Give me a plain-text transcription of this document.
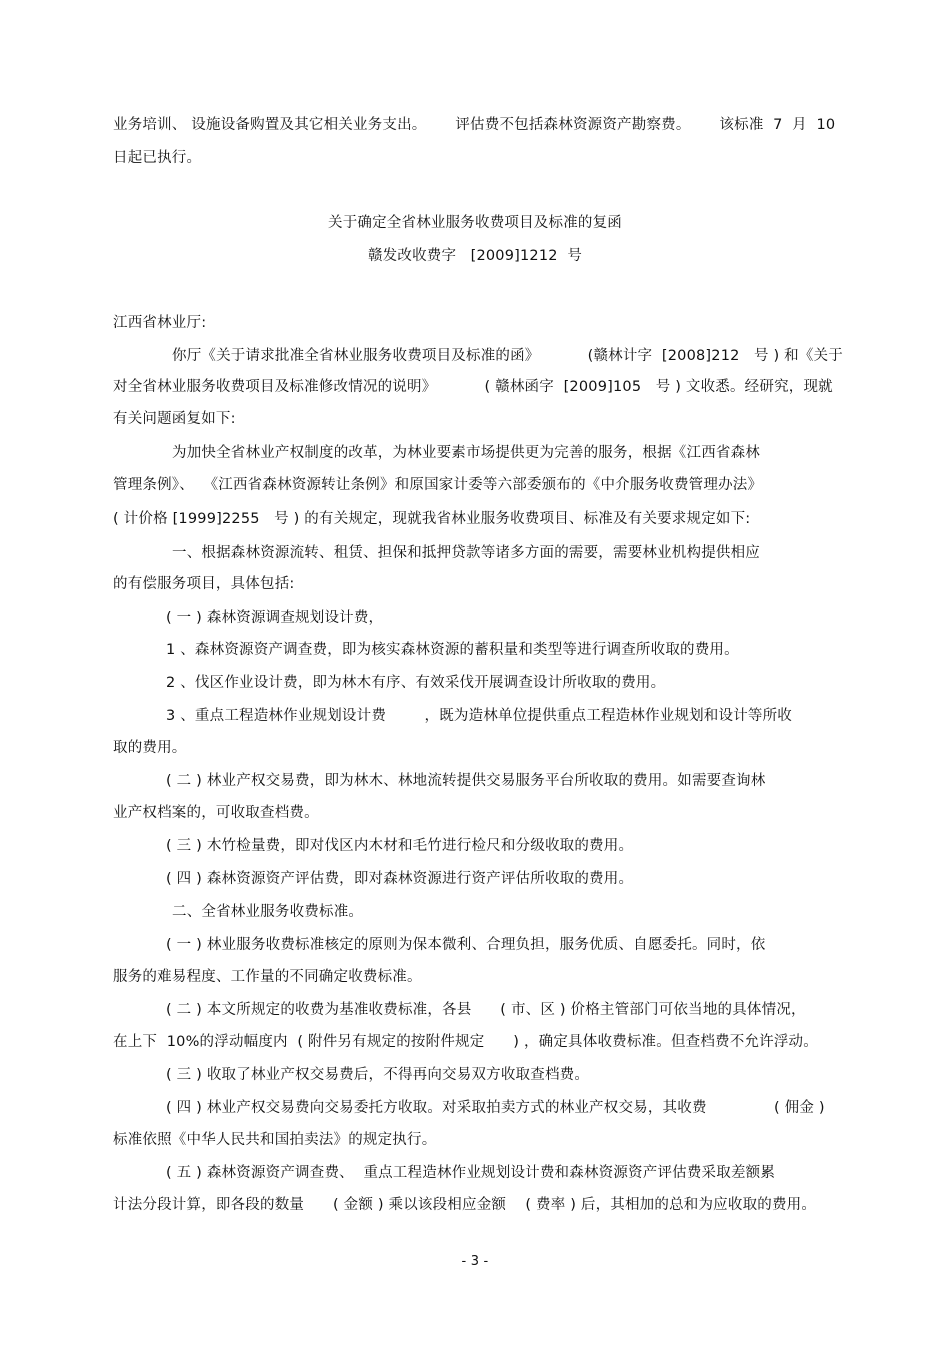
业务培训、 设施设备购置及其它相关业务支出。      评估费不包括森林资源资产勘察费。      该标准  7  月  10
日起已执行。
关于确定全省林业服务收费项目及标准的复函
赣发改收费字   [2009]1212  号
江西省林业厅:
你厅《关于请求批准全省林业服务收费项目及标准的函》          (赣林计字  [2008]212   号 ) 和《关于
对全省林业服务收费项目及标准修改情况的说明》          ( 赣林函字  [2009]105   号 ) 文收悉。经研究，现就
有关问题函复如下:
为加快全省林业产权制度的改革，为林业要素市场提供更为完善的服务，根据《江西省森林
管理条例》、  《江西省森林资源转让条例》和原国家计委等六部委颁布的《中介服务收费管理办法》
( 计价格 [1999]2255   号 ) 的有关规定，现就我省林业服务收费项目、标准及有关要求规定如下:
一、根据森林资源流转、租赁、担保和抵押贷款等诸多方面的需要，需要林业机构提供相应
的有偿服务项目，具体包括:
( 一 ) 森林资源调查规划设计费，
1 、森林资源资产调查费，即为核实森林资源的蓄积量和类型等进行调查所收取的费用。
2 、伐区作业设计费，即为林木有序、有效采伐开展调查设计所收取的费用。
3 、重点工程造林作业规划设计费        ，既为造林单位提供重点工程造林作业规划和设计等所收
取的费用。
( 二 ) 林业产权交易费，即为林木、林地流转提供交易服务平台所收取的费用。如需要查询林
业产权档案的，可收取查档费。
( 三 ) 木竹检量费，即对伐区内木材和毛竹进行检尺和分级收取的费用。
( 四 ) 森林资源资产评估费，即对森林资源进行资产评估所收取的费用。
二、全省林业服务收费标准。
( 一 ) 林业服务收费标准核定的原则为保本微利、合理负担，服务优质、自愿委托。同时，依
服务的难易程度、工作量的不同确定收费标准。
( 二 ) 本文所规定的收费为基准收费标准，各县      ( 市、区 ) 价格主管部门可依当地的具体情况，
在上下  10%的浮动幅度内  ( 附件另有规定的按附件规定      ) ，确定具体收费标准。但查档费不允许浮动。
( 三 ) 收取了林业产权交易费后，不得再向交易双方收取查档费。
( 四 ) 林业产权交易费向交易委托方收取。对采取拍卖方式的林业产权交易，其收费              ( 佣金 )
标准依照《中华人民共和国拍卖法》的规定执行。
( 五 ) 森林资源资产调查费、  重点工程造林作业规划设计费和森林资源资产评估费采取差额累
计法分段计算，即各段的数量      ( 金额 ) 乘以该段相应金额    ( 费率 ) 后，其相加的总和为应收取的费用。
- 3 -
